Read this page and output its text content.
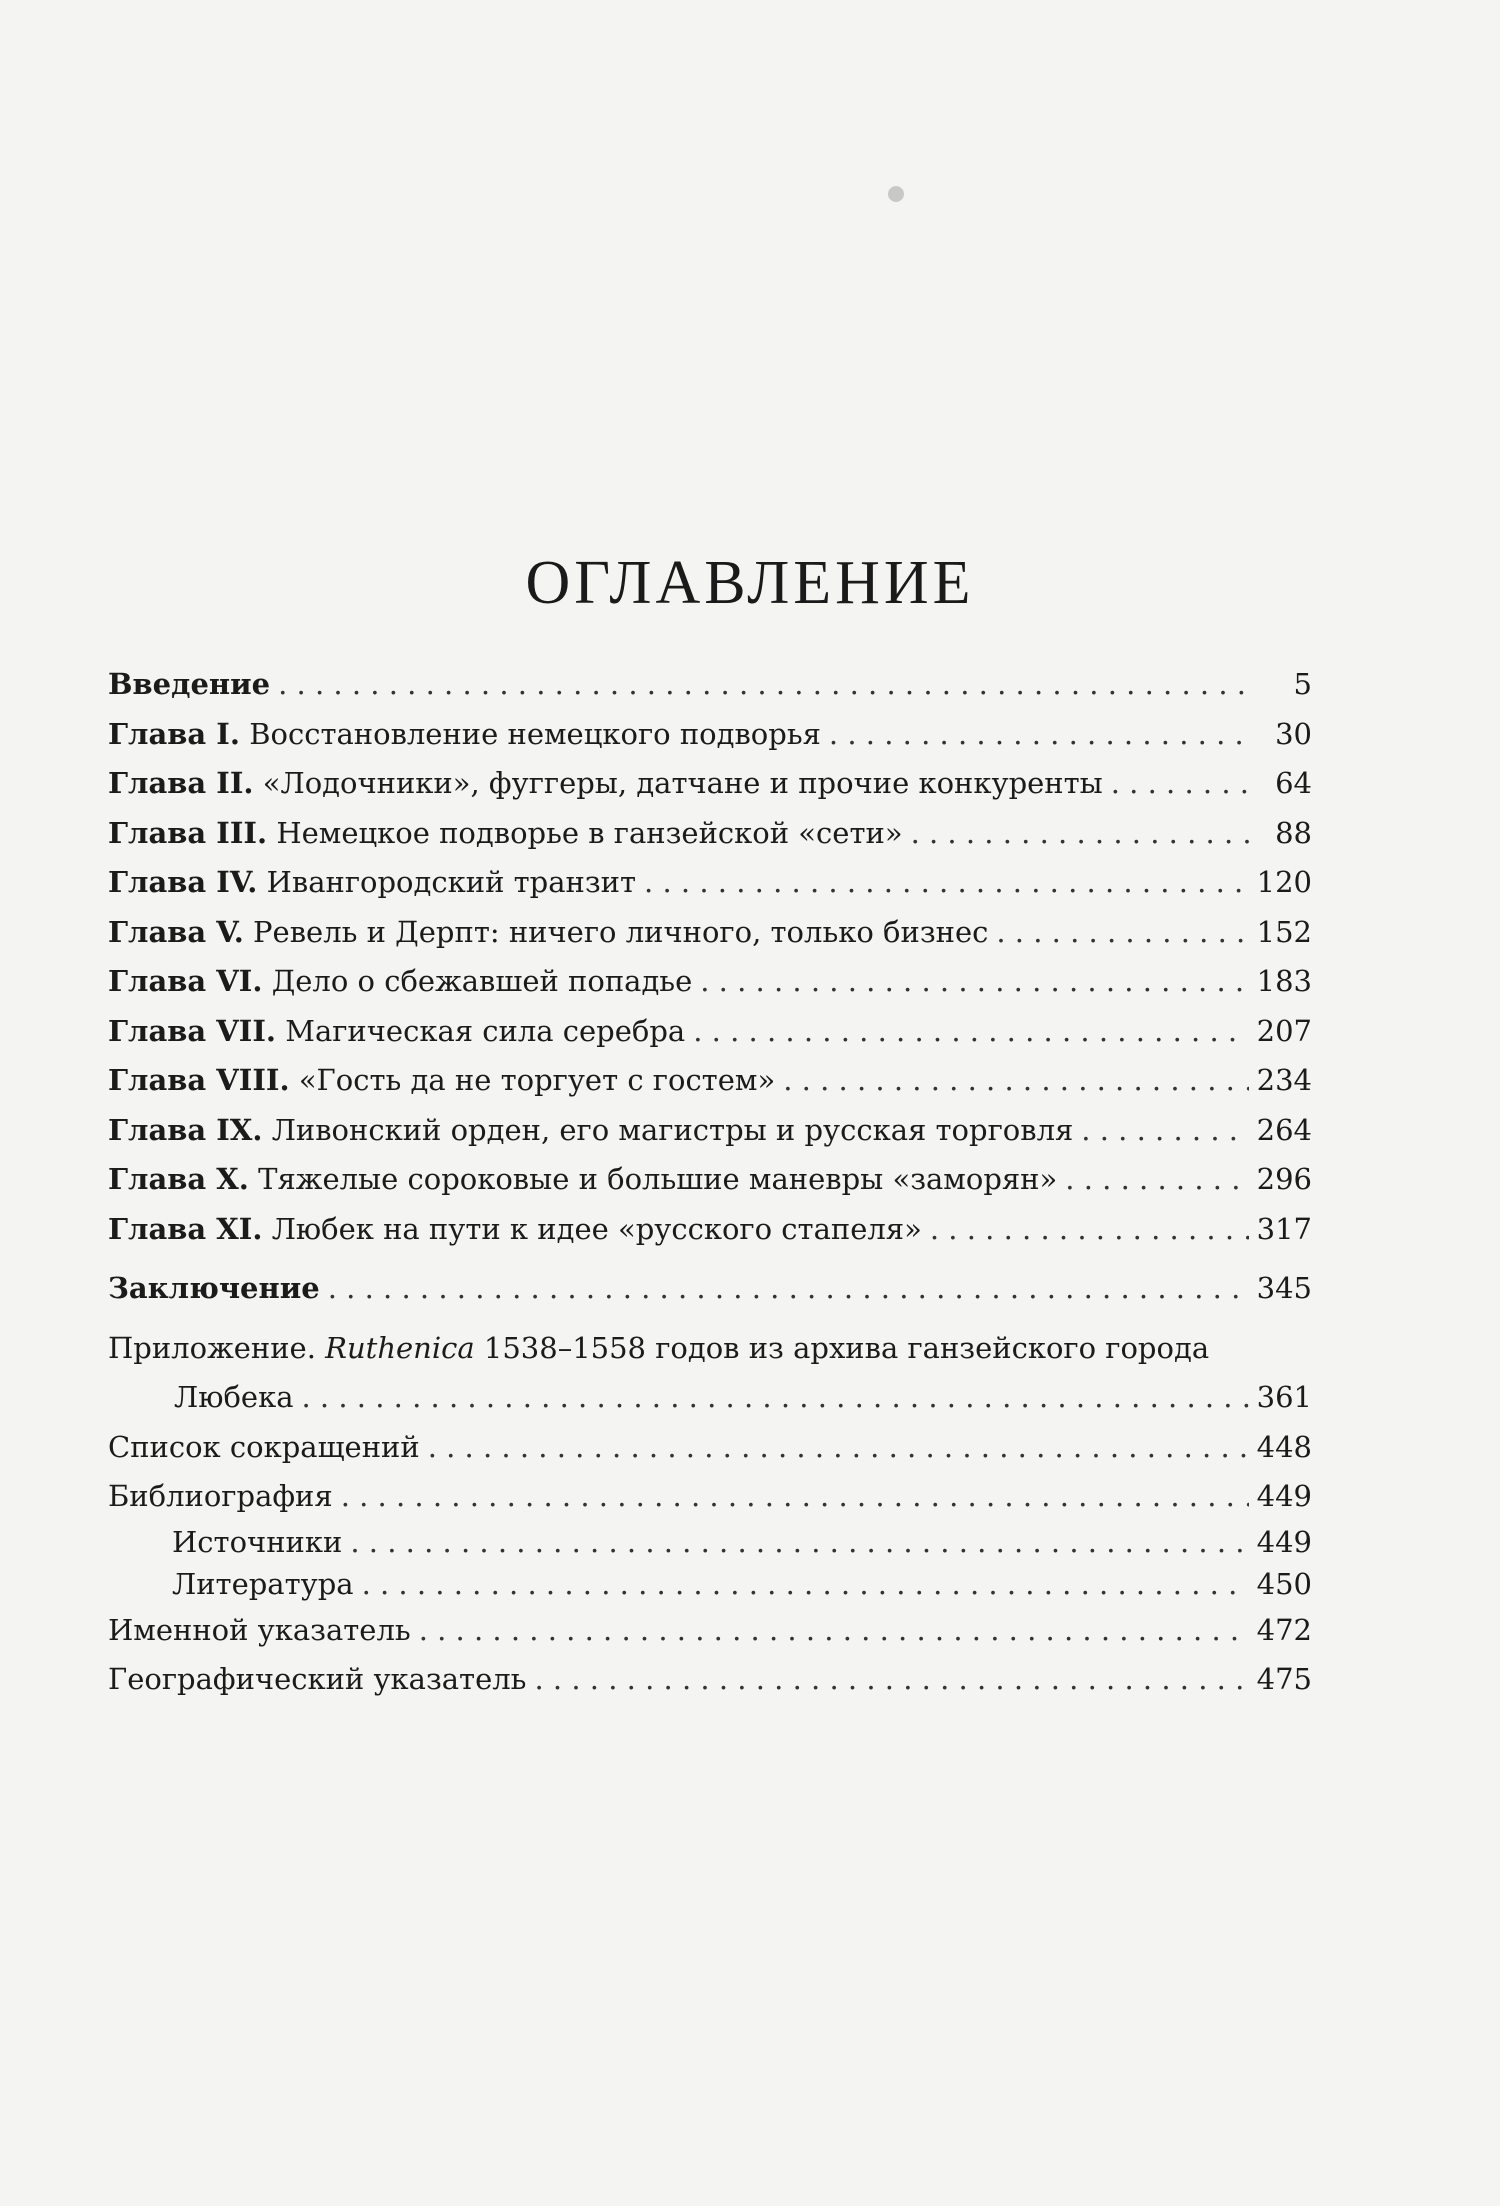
ОГЛАВЛЕНИЕ
Введение . . .	5
Глава I. Восстановление немецкого подворья . . .	30
Глава II. «Лодочники», фуггеры, датчане и прочие конкуренты . . .	64
Глава III. Немецкое подворье в ганзейской «сети» . . .	88
Глава IV. Ивангородский транзит . . .	120
Глава V. Ревель и Дерпт: ничего личного, только бизнес . . .	152
Глава VI. Дело о сбежавшей попадье . . .	183
Глава VII. Магическая сила серебра . . .	207
Глава VIII. «Гость да не торгует с гостем» . . .	234
Глава IX. Ливонский орден, его магистры и русская торговля . . .	264
Глава X. Тяжелые сороковые и большие маневры «заморян» . . .	296
Глава XI. Любек на пути к идее «русского стапеля» . . .	317
Заключение . . .	345
Приложение. Ruthenica 1538–1558 годов из архива ганзейского города
Любека . . .	361
Список сокращений . . .	448
Библиография . . .	449
Источники . . .	449
Литература . . .	450
Именной указатель . . .	472
Географический указатель . . .	475
